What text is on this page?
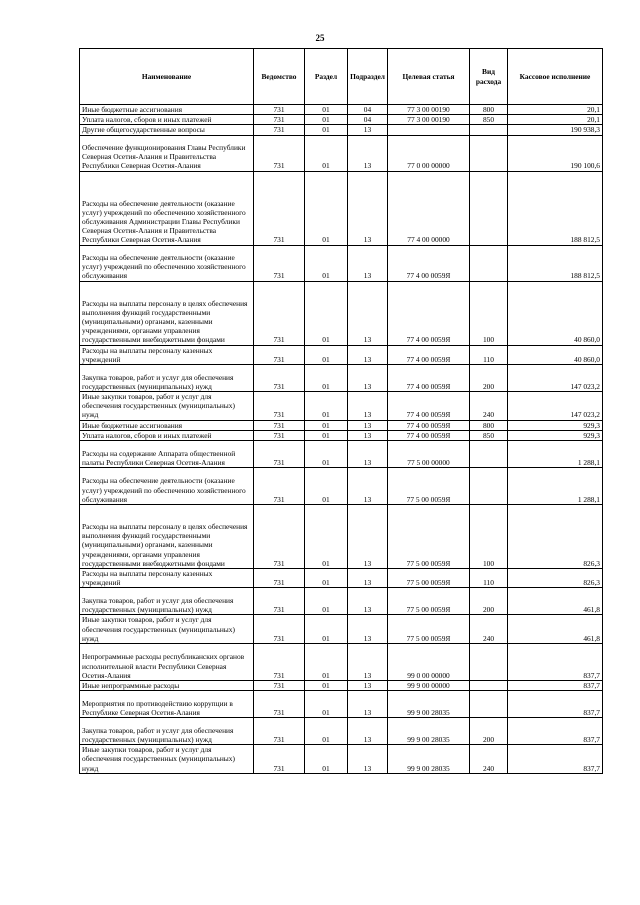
25
Наименование	Ведомство	Раздел	Подраздел	Целевая статья	Вид расхода	Кассовое исполнение
Иные бюджетные ассигнования	731	01	04	77 3 00 00190	800	20,1
Уплата налогов, сборов и иных платежей	731	01	04	77 3 00 00190	850	20,1
Другие общегосударственные вопросы	731	01	13			190 938,3
Обеспечение функционирования Главы Республики Северная Осетия-Алания и Правительства Республики Северная Осетия-Алания	731	01	13	77 0 00 00000		190 100,6
Расходы на обеспечение деятельности (оказание услуг) учреждений по обеспечению хозяйственного обслуживания Администрации Главы Республики Северная Осетия-Алания и Правительства Республики Северная Осетия-Алания	731	01	13	77 4 00 00000		188 812,5
Расходы на обеспечение деятельности (оказание услуг) учреждений по обеспечению хозяйственного обслуживания	731	01	13	77 4 00 0059Я		188 812,5
Расходы на выплаты персоналу в целях обеспечения выполнения функций государственными (муниципальными) органами, казенными учреждениями, органами управления государственными внебюджетными фондами	731	01	13	77 4 00 0059Я	100	40 860,0
Расходы на выплаты персоналу казенных учреждений	731	01	13	77 4 00 0059Я	110	40 860,0
Закупка товаров, работ и услуг для обеспечения государственных (муниципальных) нужд	731	01	13	77 4 00 0059Я	200	147 023,2
Иные закупки товаров, работ и услуг для обеспечения государственных (муниципальных) нужд	731	01	13	77 4 00 0059Я	240	147 023,2
Иные бюджетные ассигнования	731	01	13	77 4 00 0059Я	800	929,3
Уплата налогов, сборов и иных платежей	731	01	13	77 4 00 0059Я	850	929,3
Расходы на содержание Аппарата общественной палаты Республики Северная Осетия-Алания	731	01	13	77 5 00 00000		1 288,1
Расходы на обеспечение деятельности (оказание услуг) учреждений по обеспечению хозяйственного обслуживания	731	01	13	77 5 00 0059Я		1 288,1
Расходы на выплаты персоналу в целях обеспечения выполнения функций государственными (муниципальными) органами, казенными учреждениями, органами управления государственными внебюджетными фондами	731	01	13	77 5 00 0059Я	100	826,3
Расходы на выплаты персоналу казенных учреждений	731	01	13	77 5 00 0059Я	110	826,3
Закупка товаров, работ и услуг для обеспечения государственных (муниципальных) нужд	731	01	13	77 5 00 0059Я	200	461,8
Иные закупки товаров, работ и услуг для обеспечения государственных (муниципальных) нужд	731	01	13	77 5 00 0059Я	240	461,8
Непрограммные расходы республиканских органов исполнительной власти Республики Северная Осетия-Алания	731	01	13	99 0 00 00000		837,7
Иные непрограммные расходы	731	01	13	99 9 00 00000		837,7
Мероприятия по противодействию коррупции в Республике Северная Осетия-Алания	731	01	13	99 9 00 28035		837,7
Закупка товаров, работ и услуг для обеспечения государственных (муниципальных) нужд	731	01	13	99 9 00 28035	200	837,7
Иные закупки товаров, работ и услуг для обеспечения государственных (муниципальных) нужд	731	01	13	99 9 00 28035	240	837,7
